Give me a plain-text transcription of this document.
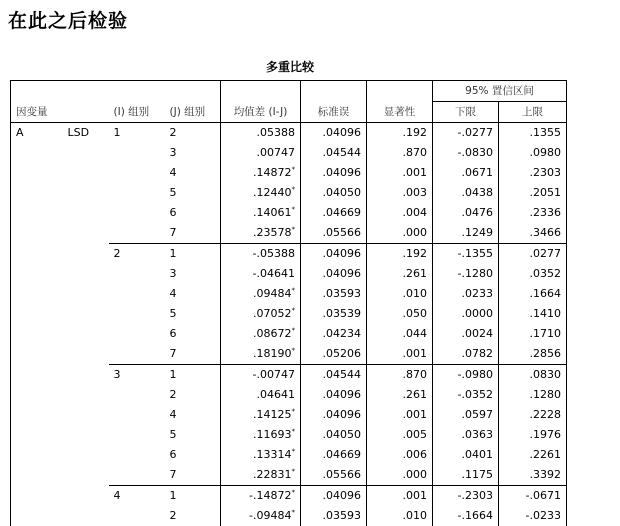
在此之后检验
多重比较
							95% 置信区间	
因变量		(I) 组别	(J) 组别	均值差 (I-J)	标准误	显著性	下限	上限
A	LSD	1	2	.05388	.04096	.192	-.0277	.1355
			3	.00747	.04544	.870	-.0830	.0980
			4	.14872*	.04096	.001	.0671	.2303
			5	.12440*	.04050	.003	.0438	.2051
			6	.14061*	.04669	.004	.0476	.2336
			7	.23578*	.05566	.000	.1249	.3466
		2	1	-.05388	.04096	.192	-.1355	.0277
			3	-.04641	.04096	.261	-.1280	.0352
			4	.09484*	.03593	.010	.0233	.1664
			5	.07052*	.03539	.050	.0000	.1410
			6	.08672*	.04234	.044	.0024	.1710
			7	.18190*	.05206	.001	.0782	.2856
		3	1	-.00747	.04544	.870	-.0980	.0830
			2	.04641	.04096	.261	-.0352	.1280
			4	.14125*	.04096	.001	.0597	.2228
			5	.11693*	.04050	.005	.0363	.1976
			6	.13314*	.04669	.006	.0401	.2261
			7	.22831*	.05566	.000	.1175	.3392
		4	1	-.14872*	.04096	.001	-.2303	-.0671
			2	-.09484*	.03593	.010	-.1664	-.0233
